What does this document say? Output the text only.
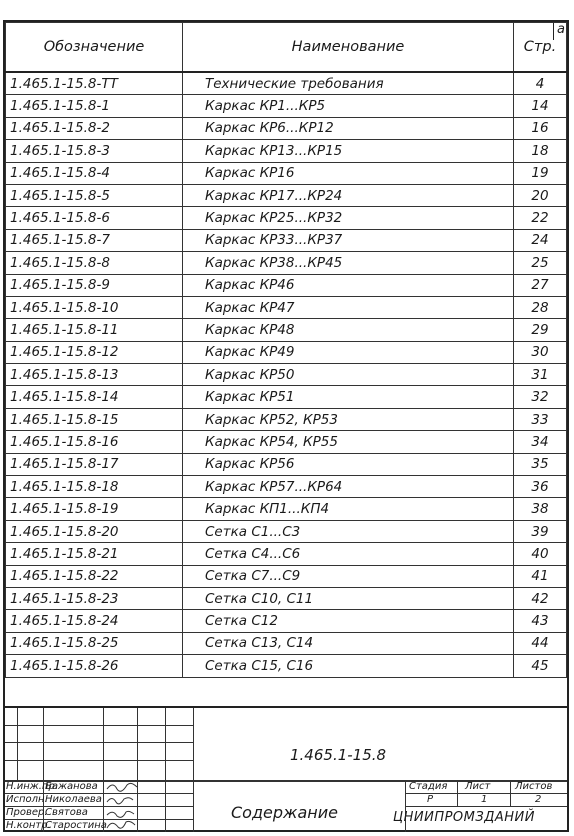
а
Обозначение	Наименование	Стр.
1.465.1-15.8-ТТ	Технические требования	4
1.465.1-15.8-1	Каркас КР1...КР5	14
1.465.1-15.8-2	Каркас КР6...КР12	16
1.465.1-15.8-3	Каркас КР13...КР15	18
1.465.1-15.8-4	Каркас КР16	19
1.465.1-15.8-5	Каркас КР17...КР24	20
1.465.1-15.8-6	Каркас КР25...КР32	22
1.465.1-15.8-7	Каркас КР33...КР37	24
1.465.1-15.8-8	Каркас КР38...КР45	25
1.465.1-15.8-9	Каркас КР46	27
1.465.1-15.8-10	Каркас КР47	28
1.465.1-15.8-11	Каркас КР48	29
1.465.1-15.8-12	Каркас КР49	30
1.465.1-15.8-13	Каркас КР50	31
1.465.1-15.8-14	Каркас КР51	32
1.465.1-15.8-15	Каркас КР52, КР53	33
1.465.1-15.8-16	Каркас КР54, КР55	34
1.465.1-15.8-17	Каркас КР56	35
1.465.1-15.8-18	Каркас КР57...КР64	36
1.465.1-15.8-19	Каркас КП1...КП4	38
1.465.1-15.8-20	Сетка С1...С3	39
1.465.1-15.8-21	Сетка С4...С6	40
1.465.1-15.8-22	Сетка С7...С9	41
1.465.1-15.8-23	Сетка С10, С11	42
1.465.1-15.8-24	Сетка С12	43
1.465.1-15.8-25	Сетка С13, С14	44
1.465.1-15.8-26	Сетка С15, С16	45
1.465.1-15.8
Содержание
Стадия Лист Листов
Р	1	2
ЦНИИПРОМЗДАНИЙ
Н.инж.пр.
Бажанова
Исполн.
Николаева
Провер.
Святова
Н.контр.
Старостина
